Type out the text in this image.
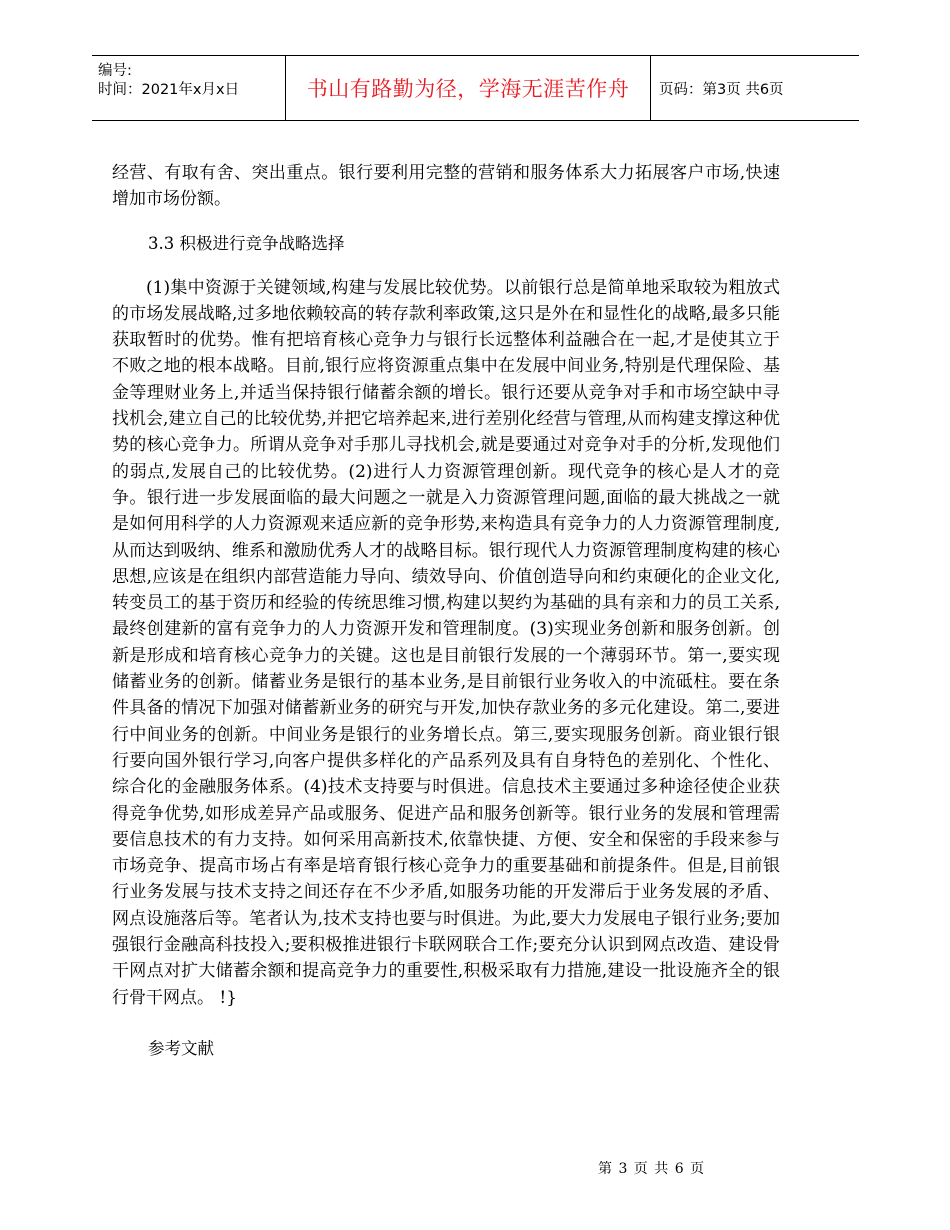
编号:
时间：2021年x月x日	书山有路勤为径，学海无涯苦作舟	页码：第3页 共6页

经营、有取有舍、突出重点。银行要利用完整的营销和服务体系大力拓展客户市场,快速增加市场份额。

3.3 积极进行竞争战略选择

(1)集中资源于关键领域,构建与发展比较优势。以前银行总是简单地采取较为粗放式的市场发展战略,过多地依赖较高的转存款利率政策,这只是外在和显性化的战略,最多只能获取暂时的优势。惟有把培育核心竞争力与银行长远整体利益融合在一起,才是使其立于不败之地的根本战略。目前,银行应将资源重点集中在发展中间业务,特别是代理保险、基金等理财业务上,并适当保持银行储蓄余额的增长。银行还要从竞争对手和市场空缺中寻找机会,建立自己的比较优势,并把它培养起来,进行差别化经营与管理,从而构建支撑这种优势的核心竞争力。所谓从竞争对手那儿寻找机会,就是要通过对竞争对手的分析,发现他们的弱点,发展自己的比较优势。(2)进行人力资源管理创新。现代竞争的核心是人才的竞争。银行进一步发展面临的最大问题之一就是入力资源管理问题,面临的最大挑战之一就是如何用科学的人力资源观来适应新的竞争形势,来构造具有竞争力的人力资源管理制度,从而达到吸纳、维系和激励优秀人才的战略目标。银行现代人力资源管理制度构建的核心思想,应该是在组织内部营造能力导向、绩效导向、价值创造导向和约束硬化的企业文化,转变员工的基于资历和经验的传统思维习惯,构建以契约为基础的具有亲和力的员工关系,最终创建新的富有竞争力的人力资源开发和管理制度。(3)实现业务创新和服务创新。创新是形成和培育核心竞争力的关键。这也是目前银行发展的一个薄弱环节。第一,要实现储蓄业务的创新。储蓄业务是银行的基本业务,是目前银行业务收入的中流砥柱。要在条件具备的情况下加强对储蓄新业务的研究与开发,加快存款业务的多元化建设。第二,要进行中间业务的创新。中间业务是银行的业务增长点。第三,要实现服务创新。商业银行银行要向国外银行学习,向客户提供多样化的产品系列及具有自身特色的差别化、个性化、综合化的金融服务体系。(4)技术支持要与时俱进。信息技术主要通过多种途径使企业获得竞争优势,如形成差异产品或服务、促进产品和服务创新等。银行业务的发展和管理需要信息技术的有力支持。如何采用高新技术,依靠快捷、方便、安全和保密的手段来参与市场竞争、提高市场占有率是培育银行核心竞争力的重要基础和前提条件。但是,目前银行业务发展与技术支持之间还存在不少矛盾,如服务功能的开发滞后于业务发展的矛盾、网点设施落后等。笔者认为,技术支持也要与时俱进。为此,要大力发展电子银行业务;要加强银行金融高科技投入;要积极推进银行卡联网联合工作;要充分认识到网点改造、建设骨干网点对扩大储蓄余额和提高竞争力的重要性,积极采取有力措施,建设一批设施齐全的银行骨干网点。 !}

参考文献
第 3 页 共 6 页
